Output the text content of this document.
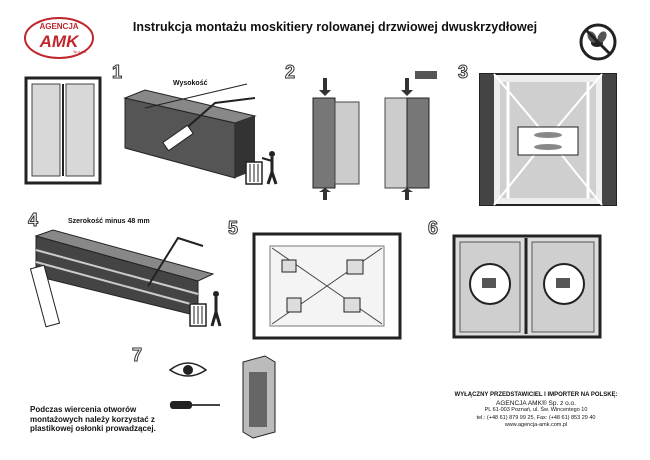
AGENCJA
AMK
Sp.z o.o.
Instrukcja montażu moskitiery rolowanej drzwiowej dwuskrzydłowej
1
Wysokość
2	3
4	Szerokość minus 48 mm	5	6
7
Podczas wiercenia otworów montażowych należy korzystać z plastikowej osłonki prowadzącej.
WYŁĄCZNY PRZEDSTAWICIEL I IMPORTER NA POLSKĘ:
AGENCJA AMK® Sp. z o.o.
PL 61-003 Poznań, ul. Św. Wincentego 10
tel.: (+48 61) 879 99 25, Fax: (+48 61) 853 29 40
www.agencja-amk.com.pl
